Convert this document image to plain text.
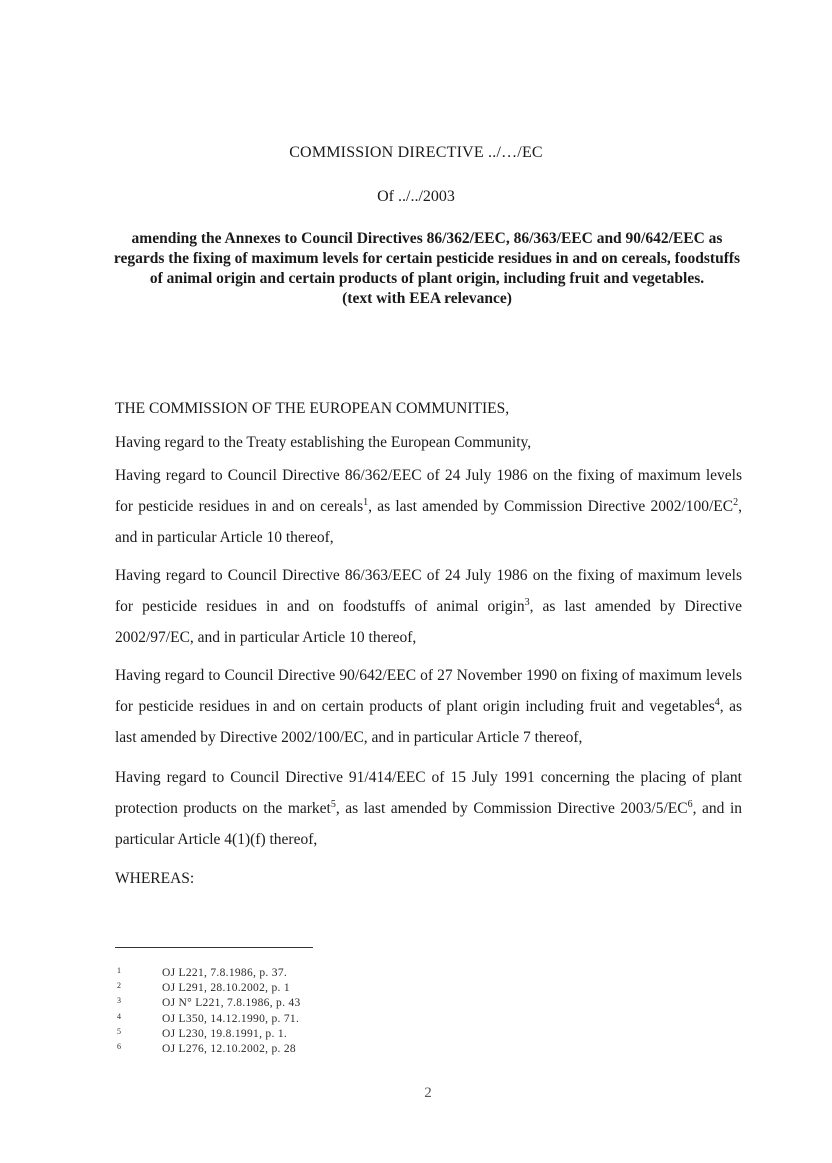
COMMISSION DIRECTIVE ../…/EC
Of ../../2003
amending the Annexes to Council Directives 86/362/EEC, 86/363/EEC and 90/642/EEC as regards the fixing of maximum levels for certain pesticide residues in and on cereals, foodstuffs of animal origin and certain products of plant origin, including fruit and vegetables.
(text with EEA relevance)
THE COMMISSION OF THE EUROPEAN COMMUNITIES,
Having regard to the Treaty establishing the European Community,
Having regard to Council Directive 86/362/EEC of 24 July 1986 on the fixing of maximum levels for pesticide residues in and on cereals$^1$, as last amended by Commission Directive $2002/100/EC^2$, and in particular Article 10 thereof,
Having regard to Council Directive 86/363/EEC of 24 July 1986 on the fixing of maximum levels for pesticide residues in and on foodstuffs of animal origin$^3$, as last amended by Directive 2002/97/EC, and in particular Article 10 thereof,
Having regard to Council Directive 90/642/EEC of 27 November 1990 on fixing of maximum levels for pesticide residues in and on certain products of plant origin including fruit and vegetables$^4$, as last amended by Directive 2002/100/EC, and in particular Article 7 thereof,
Having regard to Council Directive 91/414/EEC of 15 July 1991 concerning the placing of plant protection products on the market$^5$, as last amended by Commission Directive $2003/5/EC^6$, and in particular Article 4(1)(f) thereof,
WHEREAS:
1	OJ L221, 7.8.1986, p. 37.
2	OJ L291, 28.10.2002, p. 1
3	OJ N° L221, 7.8.1986, p. 43
4	OJ L350, 14.12.1990, p. 71.
5	OJ L230, 19.8.1991, p. 1.
6	OJ L276, 12.10.2002, p. 28
2
